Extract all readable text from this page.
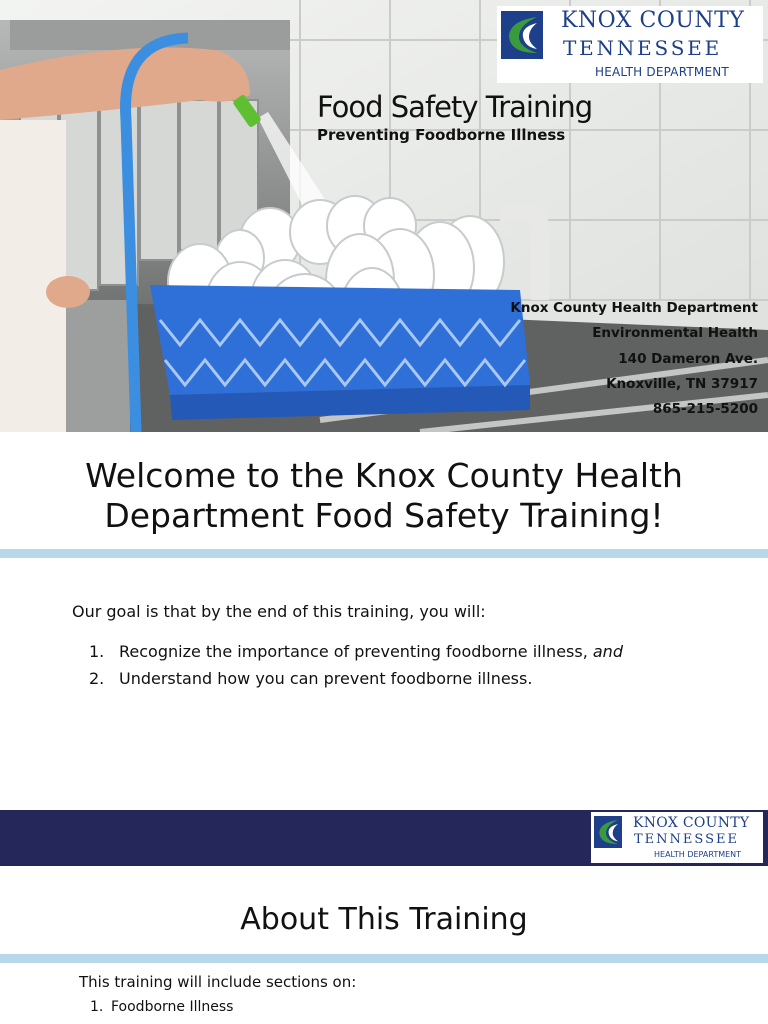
Food Safety Training
Preventing Foodborne Illness
Knox County Health Department
Environmental Health
140 Dameron Ave.
Knoxville, TN 37917
865-215-5200
KNOX COUNTY
TENNESSEE
HEALTH DEPARTMENT
Welcome to the Knox County Health
Department Food Safety Training!
Our goal is that by the end of this training, you will:
1. Recognize the importance of preventing foodborne illness, and
2. Understand how you can prevent foodborne illness.
KNOX COUNTY
TENNESSEE
HEALTH DEPARTMENT
About This Training
This training will include sections on:
1. Foodborne Illness
